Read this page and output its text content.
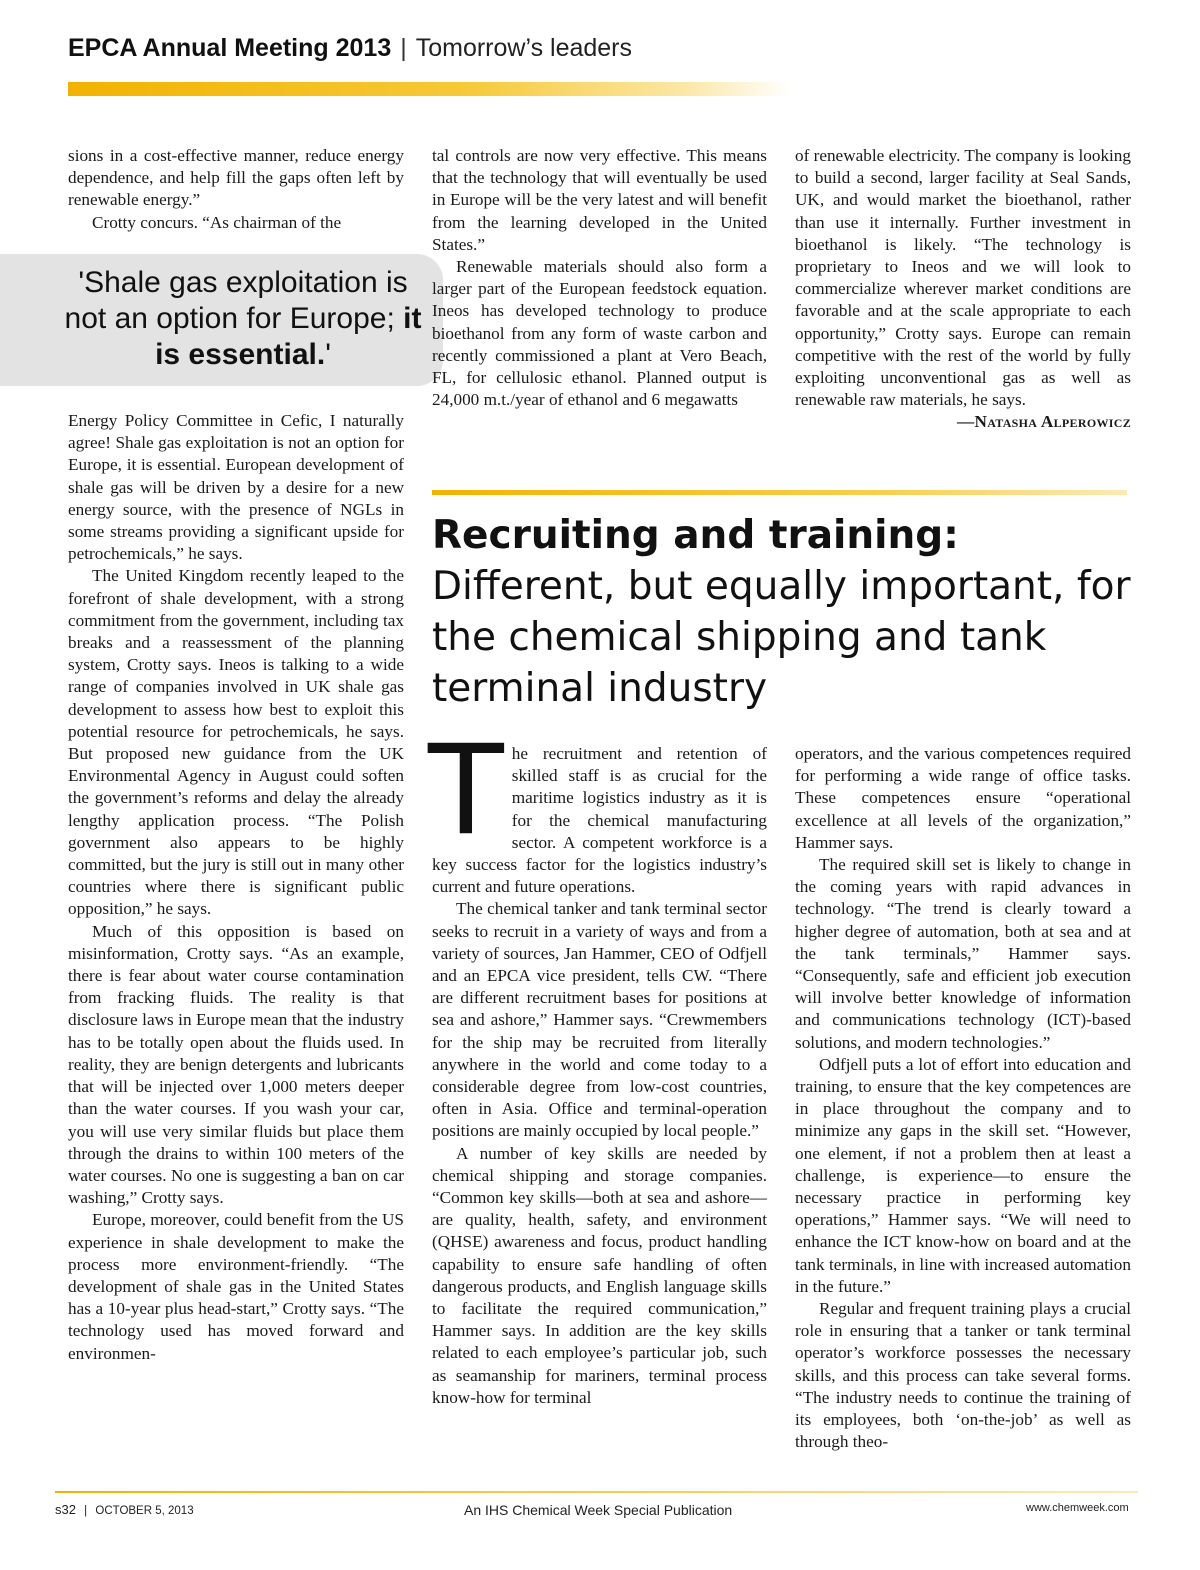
EPCA Annual Meeting 2013 | Tomorrow’s leaders

sions in a cost-effective manner, reduce energy dependence, and help fill the gaps often left by renewable energy.”

Crotty concurs. “As chairman of the

'Shale gas exploitation is not an option for Europe; it is essential.'

Energy Policy Committee in Cefic, I naturally agree! Shale gas exploitation is not an option for Europe, it is essential. European development of shale gas will be driven by a desire for a new energy source, with the presence of NGLs in some streams providing a significant upside for petrochemicals,” he says.

The United Kingdom recently leaped to the forefront of shale development, with a strong commitment from the government, including tax breaks and a reassessment of the planning system, Crotty says. Ineos is talking to a wide range of companies involved in UK shale gas development to assess how best to exploit this potential resource for petrochemicals, he says. But proposed new guidance from the UK Environmental Agency in August could soften the government’s reforms and delay the already lengthy application process. “The Polish government also appears to be highly committed, but the jury is still out in many other countries where there is significant public opposition,” he says.

Much of this opposition is based on misinformation, Crotty says. “As an example, there is fear about water course contamination from fracking fluids. The reality is that disclosure laws in Europe mean that the industry has to be totally open about the fluids used. In reality, they are benign detergents and lubricants that will be injected over 1,000 meters deeper than the water courses. If you wash your car, you will use very similar fluids but place them through the drains to within 100 meters of the water courses. No one is suggesting a ban on car washing,” Crotty says.

Europe, moreover, could benefit from the US experience in shale development to make the process more environment-friendly. “The development of shale gas in the United States has a 10-year plus head-start,” Crotty says. “The technology used has moved forward and environmen-

tal controls are now very effective. This means that the technology that will eventually be used in Europe will be the very latest and will benefit from the learning developed in the United States.”

Renewable materials should also form a larger part of the European feedstock equation. Ineos has developed technology to produce bioethanol from any form of waste carbon and recently commissioned a plant at Vero Beach, FL, for cellulosic ethanol. Planned output is 24,000 m.t./year of ethanol and 6 megawatts

of renewable electricity. The company is looking to build a second, larger facility at Seal Sands, UK, and would market the bioethanol, rather than use it internally. Further investment in bioethanol is likely. “The technology is proprietary to Ineos and we will look to commercialize wherever market conditions are favorable and at the scale appropriate to each opportunity,” Crotty says. Europe can remain competitive with the rest of the world by fully exploiting unconventional gas as well as renewable raw materials, he says.
—Natasha Alperowicz

Recruiting and training:
Different, but equally important, for the chemical shipping and tank terminal industry

The recruitment and retention of skilled staff is as crucial for the maritime logistics industry as it is for the chemical manufacturing sector. A competent workforce is a key success factor for the logistics industry’s current and future operations.

The chemical tanker and tank terminal sector seeks to recruit in a variety of ways and from a variety of sources, Jan Hammer, CEO of Odfjell and an EPCA vice president, tells CW. “There are different recruitment bases for positions at sea and ashore,” Hammer says. “Crewmembers for the ship may be recruited from literally anywhere in the world and come today to a considerable degree from low-cost countries, often in Asia. Office and terminal-operation positions are mainly occupied by local people.”

A number of key skills are needed by chemical shipping and storage companies. “Common key skills—both at sea and ashore—are quality, health, safety, and environment (QHSE) awareness and focus, product handling capability to ensure safe handling of often dangerous products, and English language skills to facilitate the required communication,” Hammer says. In addition are the key skills related to each employee’s particular job, such as seamanship for mariners, terminal process know-how for terminal

operators, and the various competences required for performing a wide range of office tasks. These competences ensure “operational excellence at all levels of the organization,” Hammer says.

The required skill set is likely to change in the coming years with rapid advances in technology. “The trend is clearly toward a higher degree of automation, both at sea and at the tank terminals,” Hammer says. “Consequently, safe and efficient job execution will involve better knowledge of information and communications technology (ICT)-based solutions, and modern technologies.”

Odfjell puts a lot of effort into education and training, to ensure that the key competences are in place throughout the company and to minimize any gaps in the skill set. “However, one element, if not a problem then at least a challenge, is experience—to ensure the necessary practice in performing key operations,” Hammer says. “We will need to enhance the ICT know-how on board and at the tank terminals, in line with increased automation in the future.”

Regular and frequent training plays a crucial role in ensuring that a tanker or tank terminal operator’s workforce possesses the necessary skills, and this process can take several forms. “The industry needs to continue the training of its employees, both ‘on-the-job’ as well as through theo-

s32 | OCTOBER 5, 2013	An IHS Chemical Week Special Publication	www.chemweek.com
